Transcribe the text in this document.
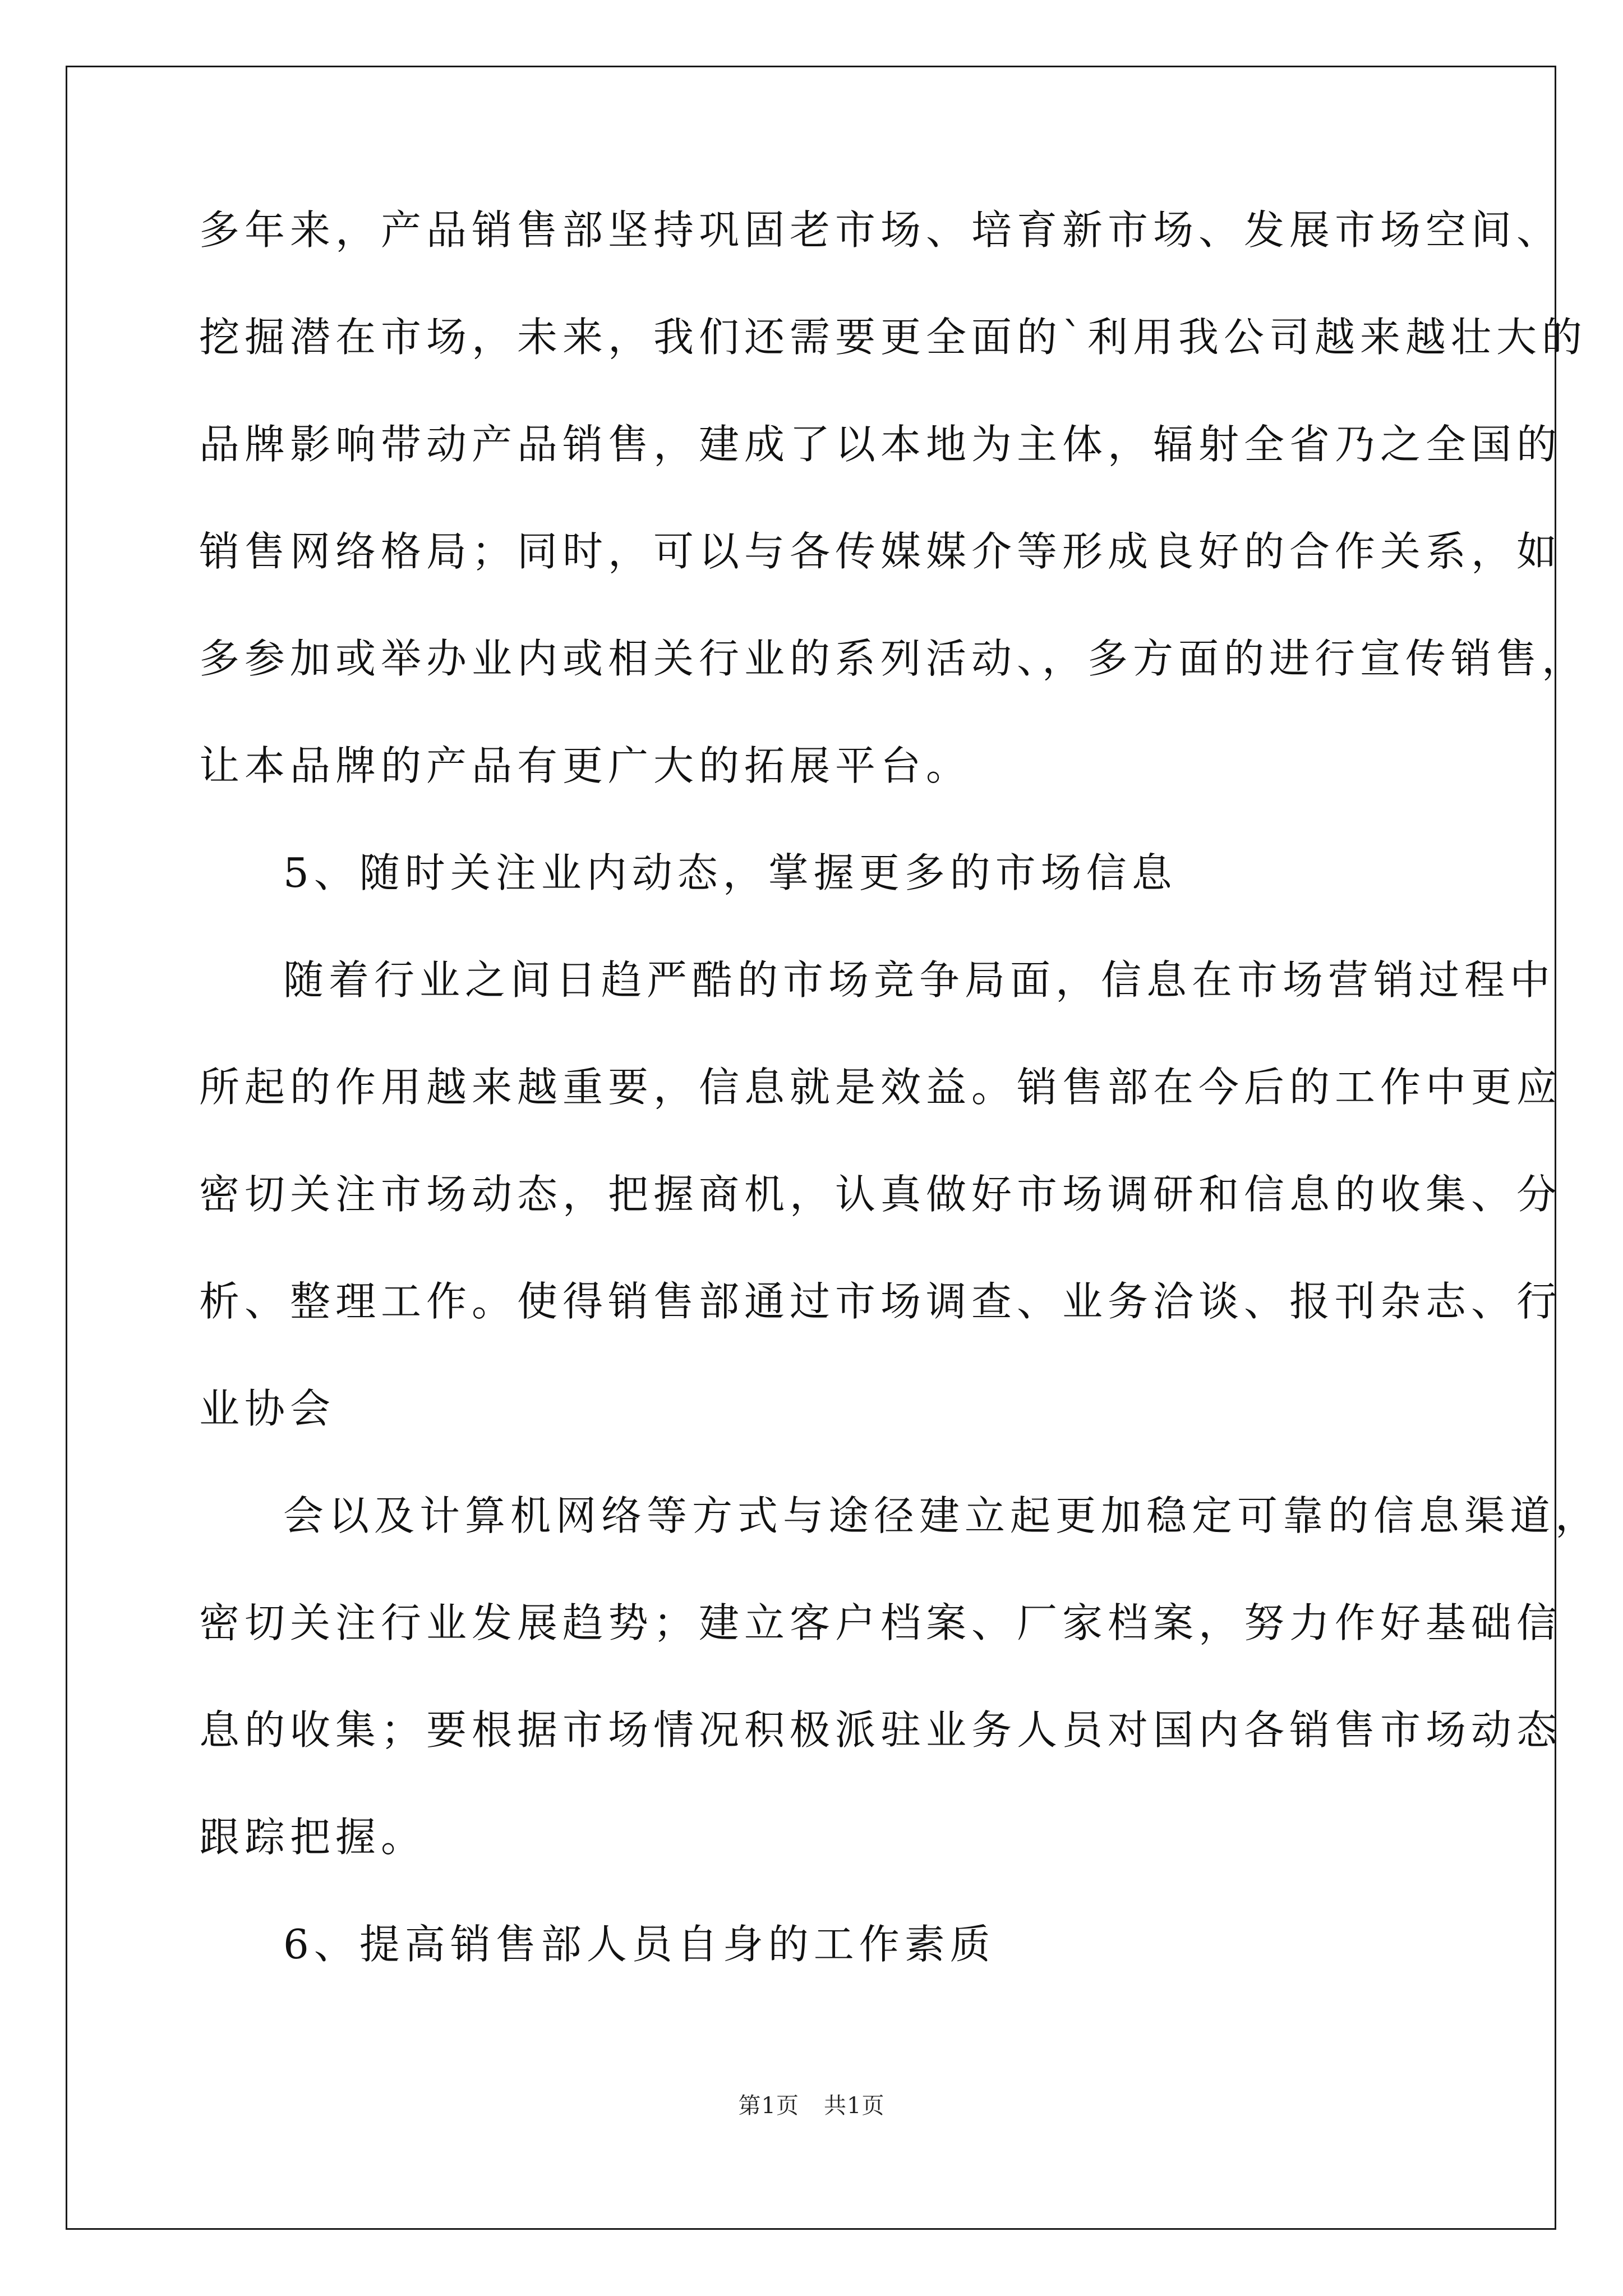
多年来，产品销售部坚持巩固老市场、培育新市场、发展市场空间、
挖掘潜在市场，未来，我们还需要更全面的`利用我公司越来越壮大的
品牌影响带动产品销售，建成了以本地为主体，辐射全省乃之全国的
销售网络格局；同时，可以与各传媒媒介等形成良好的合作关系，如
多参加或举办业内或相关行业的系列活动、，多方面的进行宣传销售，
让本品牌的产品有更广大的拓展平台。
5、随时关注业内动态，掌握更多的市场信息
随着行业之间日趋严酷的市场竞争局面，信息在市场营销过程中
所起的作用越来越重要，信息就是效益。销售部在今后的工作中更应
密切关注市场动态，把握商机，认真做好市场调研和信息的收集、分
析、整理工作。使得销售部通过市场调查、业务洽谈、报刊杂志、行
业协会
会以及计算机网络等方式与途径建立起更加稳定可靠的信息渠道，
密切关注行业发展趋势；建立客户档案、厂家档案，努力作好基础信
息的收集；要根据市场情况积极派驻业务人员对国内各销售市场动态
跟踪把握。
6、提高销售部人员自身的工作素质
第1页 共1页
